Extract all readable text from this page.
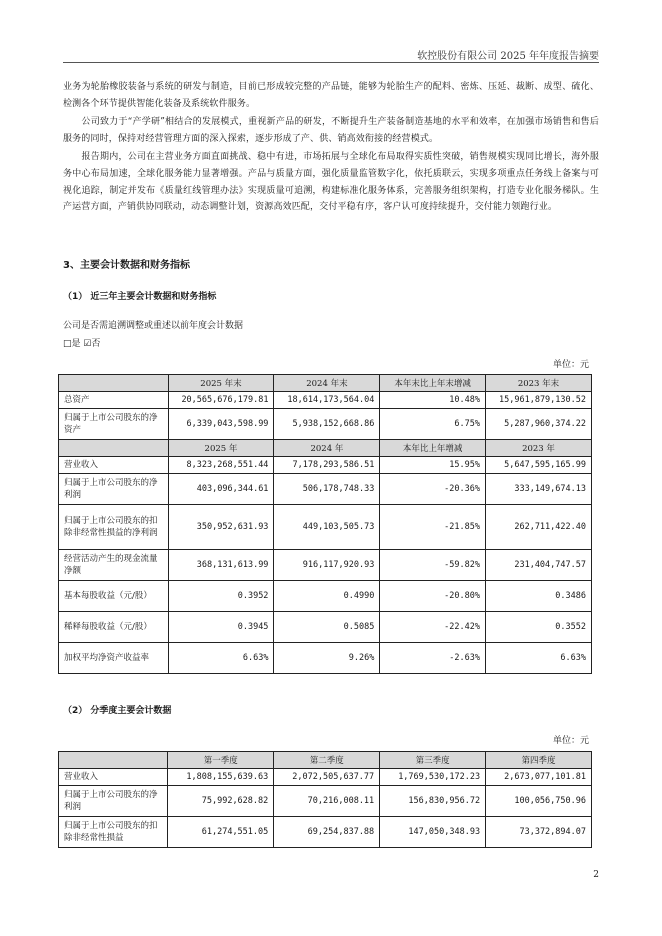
软控股份有限公司 2025 年年度报告摘要

业务为轮胎橡胶装备与系统的研发与制造，目前已形成较完整的产品链，能够为轮胎生产的配料、密炼、压延、裁断、成型、硫化、检测各个环节提供智能化装备及系统软件服务。

　　公司致力于“产学研”相结合的发展模式，重视新产品的研发，不断提升生产装备制造基地的水平和效率，在加强市场销售和售后服务的同时，保持对经营管理方面的深入探索，逐步形成了产、供、销高效衔接的经营模式。

　　报告期内，公司在主营业务方面直面挑战、稳中有进，市场拓展与全球化布局取得实质性突破，销售规模实现同比增长，海外服务中心布局加速，全球化服务能力显著增强。产品与质量方面，强化质量监管数字化，依托质联云，实现多项重点任务线上备案与可视化追踪，制定并发布《质量红线管理办法》实现质量可追溯，构建标准化服务体系，完善服务组织架构，打造专业化服务梯队。生产运营方面，产销供协同联动，动态调整计划，资源高效匹配，交付平稳有序，客户认可度持续提升，交付能力领跑行业。

3、主要会计数据和财务指标
（1） 近三年主要会计数据和财务指标
公司是否需追溯调整或重述以前年度会计数据
□是 ☑否
单位：元
	2025 年末	2024 年末	本年末比上年末增减	2023 年末
总资产	20,565,676,179.81	18,614,173,564.04	10.48%	15,961,879,130.52
归属于上市公司股东的净资产	6,339,043,598.99	5,938,152,668.86	6.75%	5,287,960,374.22
	2025 年	2024 年	本年比上年增减	2023 年
营业收入	8,323,268,551.44	7,178,293,586.51	15.95%	5,647,595,165.99
归属于上市公司股东的净利润	403,096,344.61	506,178,748.33	-20.36%	333,149,674.13
归属于上市公司股东的扣除非经常性损益的净利润	350,952,631.93	449,103,505.73	-21.85%	262,711,422.40
经营活动产生的现金流量净额	368,131,613.99	916,117,920.93	-59.82%	231,404,747.57
基本每股收益（元/股）	0.3952	0.4990	-20.80%	0.3486
稀释每股收益（元/股）	0.3945	0.5085	-22.42%	0.3552
加权平均净资产收益率	6.63%	9.26%	-2.63%	6.63%
（2） 分季度主要会计数据
单位：元
	第一季度	第二季度	第三季度	第四季度
营业收入	1,808,155,639.63	2,072,505,637.77	1,769,530,172.23	2,673,077,101.81
归属于上市公司股东的净利润	75,992,628.82	70,216,008.11	156,830,956.72	100,056,750.96
归属于上市公司股东的扣除非经常性损益	61,274,551.05	69,254,837.88	147,050,348.93	73,372,894.07
2
